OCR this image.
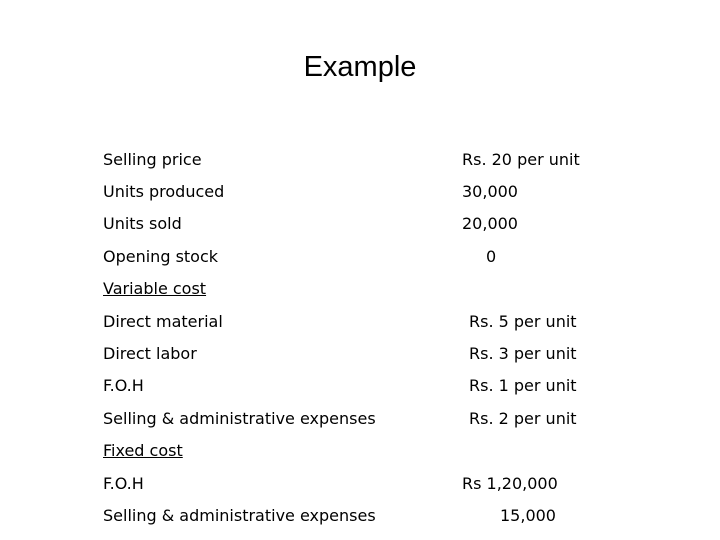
Example
Selling price	Rs. 20 per unit
Units produced	30,000
Units sold	20,000
Opening stock	0
Variable cost
Direct material	Rs. 5 per unit
Direct labor	Rs. 3 per unit
F.O.H	Rs. 1 per unit
Selling & administrative expenses	Rs. 2 per unit
Fixed cost
F.O.H	Rs 1,20,000
Selling & administrative expenses	15,000
